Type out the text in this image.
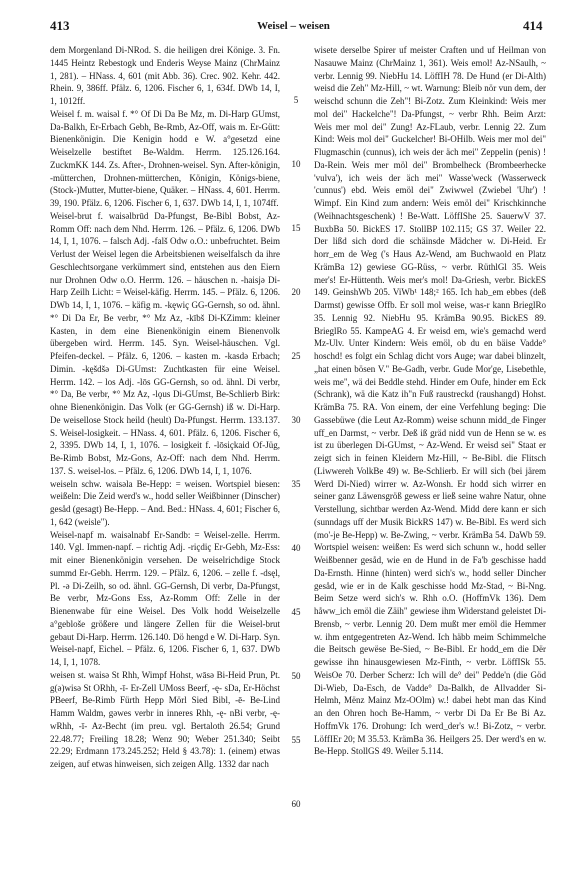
413	Weisel – weisen	414

dem Morgenland Di-NRod. S. die heiligen drei Könige. 3. Fn. 1445 Heintz Rebestogk und Enderis Weyse Mainz (ChrMainz 1, 281). – HNass. 4, 601 (mit Abb. 36). Crec. 902. Kehr. 442. Rhein. 9, 386ff. Pfälz. 6, 1206. Fischer 6, 1, 634f. DWb 14, I, 1, 1012ff.

Weisel f. m. waisəl f. *° Of Di Da Be Mz, m. Di-Harp GUmst, Da-Balkh, Er-Erbach Gebh, Be-Rmb, Az-Off, wais m. Er-Gütt: Bienenkönigin. Die Kenigin hodd e W. a°gesetzd eine Weiselzelle bestiftet Be-Waldm. Herrm. 125.126.164. ZuckmKK 144. Zs. After-, Drohnen-weisel. Syn. After-königin, -mütterchen, Drohnen-mütterchen, Königin, Königs-biene, (Stock-)Mutter, Mutter-biene, Quäker. – HNass. 4, 601. Herrm. 39, 190. Pfälz. 6, 1206. Fischer 6, 1, 637. DWb 14, I, 1, 1074ff.

Weisel-brut f. waisəlbrūd Da-Pfungst, Be-Bibl Bobst, Az-Romm Off: nach dem Nhd. Herrm. 126. – Pfälz. 6, 1206. DWb 14, I, 1, 1076. – falsch Adj. -falš Odw o.O.: unbefruchtet. Beim Verlust der Weisel legen die Arbeitsbienen weiselfalsch da ihre Geschlechtsorgane verkümmert sind, entstehen aus den Eiern nur Drohnen Odw o.O. Herrm. 126. – häuschen n. -haisjə Di-Harp Zeilh Licht: = Weisel-käfig. Herrm. 145. – Pfälz. 6, 1206. DWb 14, I, 1, 1076. – käfig m. -kęwiç GG-Gernsh, so od. ähnl. *° Di Da Er, Be verbr, *° Mz Az, -kībš Di-KZimm: kleiner Kasten, in dem eine Bienenkönigin einem Bienenvolk übergeben wird. Herrm. 145. Syn. Weisel-häuschen. Vgl. Pfeifen-deckel. – Pfälz. 6, 1206. – kasten m. -kasdə Erbach; Dimin. -kęšdšə Di-GUmst: Zuchtkasten für eine Weisel. Herrm. 142. – los Adj. -lōs GG-Gernsh, so od. ähnl. Di verbr, *° Da, Be verbr, *° Mz Az, -lǫus Di-GUmst, Be-Schlierb Birk: ohne Bienenkönigin. Das Volk (er GG-Gernsh) iß w. Di-Harp. De weisellose Stock heild (heult) Da-Pfungst. Herrm. 133.137. S. Weisel-losigkeit. – HNass. 4, 601. Pfälz. 6, 1206. Fischer 6, 2, 3395. DWb 14, I, 1, 1076. – losigkeit f. -lōsiçkaid Of-Jüg, Be-Rimb Bobst, Mz-Gons, Az-Off: nach dem Nhd. Herrm. 137. S. weisel-los. – Pfälz. 6, 1206. DWb 14, I, 1, 1076.

weiseln schw. waisəlа Be-Hepp: = weisen. Wortspiel biesen: weißeln: Die Zeid werd's w., hodd seller Weißbinner (Dinscher) gesåd (gesagt) Be-Hepp. – And. Bed.: HNass. 4, 601; Fischer 6, 1, 642 (weisle").

Weisel-napf m. waisəlnabf Er-Sandb: = Weisel-zelle. Herrm. 140. Vgl. Immen-napf. – richtig Adj. -riçdiç Er-Gebh, Mz-Ess: mit einer Bienenkönigin versehen. De weiselrichdige Stock summd Er-Gebh. Herrm. 129. – Pfälz. 6, 1206. – zelle f. -dsęl, Pl. -ə Di-Zeilh, so od. ähnl. GG-Gernsh, Di verbr, Da-Pfungst, Be verbr, Mz-Gons Ess, Az-Romm Off: Zelle in der Bienenwabe für eine Weisel. Des Volk hodd Weiselzelle a°gebloše größere und längere Zellen für die Weisel-brut gebaut Di-Harp. Herrm. 126.140. Dö hengd e W. Di-Harp. Syn. Weisel-napf, Eichel. – Pfälz. 6, 1206. Fischer 6, 1, 637. DWb 14, I, 1, 1078.

weisen st. waisə St Rhh, Wimpf Hohst, wāsə Bi-Heid Prun, Pt. g(ə)wisə St ORhh, -ī- Er-Zell UMoss Beerf, -ę- sDa, Er-Höchst PBeerf, Be-Rimb Fürth Hepp Mörl Sied Bibl, -ē- Be-Lind Hamm Waldm, gəwes verbr in inneres Rhh, -ę- nBi verbr, -ę- wRhh, -ī- Az-Becht (im preu. vgl. Bertaloth 26.54; Grund 22.48.77; Freiling 18.28; Wenz 90; Weber 251.340; Seibt 22.29; Erdmann 173.245.252; Held § 43.78): 1. (einem) etwas zeigen, auf etwas hinweisen, sich zeigen Allg. 1332 dar nach

5
10
15
20
25
30
35
40
45
50
55
60

wisete derselbe Spirer uf meister Craften und uf Heilman von Nasauwe Mainz (ChrMainz 1, 361). Weis emol! Az-NSaulh, ~ verbr. Lennig 99. NiebHu 14. LöffIH 78. De Hund (er Di-Alth) weisd die Zeh" Mz-Hill, ~ wt. Warnung: Bleib nör vun dem, der weischd schunn die Zeh"! Bi-Zotz. Zum Kleinkind: Weis mer mol dei" Hackelche"! Da-Pfungst, ~ verbr Rhh. Beim Arzt: Weis mer mol dei" Zung! Az-FLaub, verbr. Lennig 22. Zum Kind: Weis mol dei" Guckelcher! Bi-OHilb. Weis mer mol dei" Flugmaschin (cunnus), ich weis der äch mei" Zeppelin (penis) ! Da-Rein. Weis mer möl dei" Brombelheck (Brombeerhecke 'vulva'), ich weis der äch mei" Wasse'weck (Wasserweck 'cunnus') ebd. Weis emöl dei" Zwiwwel (Zwiebel 'Uhr') ! Wimpf. Ein Kind zum andern: Weis emöl dei" Krischkinnche (Weihnachtsgeschenk) ! Be-Watt. LöffIShe 25. SauerwV 37. BuxbBa 50. BickES 17. StollBP 102.115; GS 37. Weiler 22. Der lißd sich dord die schäinsde Mädcher w. Di-Heid. Er horr_em de Weg ('s Haus Az-Wend, am Buchwaold en Platz KrämBa 12) gewiese GG-Rüss, ~ verbr. RüthlGl 35. Weis mer's! Er-Hüttenth. Weis mer's mol! Da-Griesh, verbr. BickES 149. GeinshWb 205. ViWb¹ 148;² 165. Ich hab_em ebbes (deß Darmst) gewisse Offb. Er soll mol weise, was-r kann BrieglRo 35. Lennig 92. NiebHu 95. KrämBa 90.95. BickES 89. BrieglRo 55. KampeAG 4. Er weisd em, wie's gemachd werd Mz-Ulv. Unter Kindern: Weis emöl, ob du en bäise Vadde° hoschd! es folgt ein Schlag dicht vors Auge; war dabei blinzelt, „hat einen bösen V." Be-Gadh, verbr. Gude Mor'ge, Lisebethle, weis me", wä dei Beddle stehd. Hinder em Oufe, hinder em Eck (Schrank), wä die Katz ih"n Fuß raustreckd (raushangd) Hohst. KrämBa 75. RA. Von einem, der eine Verfehlung beging: Die Gassebüwe (die Leut Az-Romm) weise schunn midd_de Finger uff_en Darmst, ~ verbr. Deß iß gräd nidd vun de Henn se w. es ist zu überlegen Di-GUmst, ~ Az-Wend. Er weisd sei" Staat er zeigt sich in feinen Kleidern Mz-Hill, ~ Be-Bibl. die Flitsch (Liwwereh VolkBe 49) w. Be-Schlierb. Er will sich (bei järem Werd Di-Nied) wirrer w. Az-Wonsh. Er hodd sich wirrer en seiner ganz Läwensgröß gewess er ließ seine wahre Natur, ohne Verstellung, sichtbar werden Az-Wend. Midd dere kann er sich (sunndags uff der Musik BickRS 147) w. Be-Bibl. Es werd sich (mo'-je Be-Hepp) w. Be-Zwing, ~ verbr. KrämBa 54. DaWb 59. Wortspiel weisen: weißen: Es werd sich schunn w., hodd seller Weißbenner gesåd, wie en de Hund in de Fa'b geschisse hadd Da-Ernsth. Hinne (hinten) werd sich's w., hodd seller Dincher gesåd, wie er in de Kalk geschisse hodd Mz-Stad, ~ Bi-Nng. Beim Setze werd sich's w. Rhh o.O. (HoffmVk 136). Dem håww_ich emöl die Zäih" gewiese ihm Widerstand geleistet Di-Brensb, ~ verbr. Lennig 20. Dem mußt mer emöl die Hemmer w. ihm entgegentreten Az-Wend. Ich häbb meim Schimmelche die Beitsch gewëse Be-Sied, ~ Be-Bibl. Er hodd_em die Dër gewisse ihn hinausgewiesen Mz-Finth, ~ verbr. LöffISk 55. WeisOe 70. Derber Scherz: Ich will de° dei" Pedde'n (die Göd Di-Wieb, Da-Esch, de Vadde° Da-Balkh, de Allvadder Si-Helmh, Mënz Mainz Mz-OOlm) w.! dabei hebt man das Kind an den Ohren hoch Be-Hamm, ~ verbr Di Da Er Be Bi Az. HoffmVk 176. Drohung: Ich werd_der's w.! Bi-Zotz, ~ verbr. LöffIEr 20; M 35.53. KrämBa 36. Heilgers 25. Der werd's en w. Be-Hepp. StollGS 49. Weiler 5.114.
